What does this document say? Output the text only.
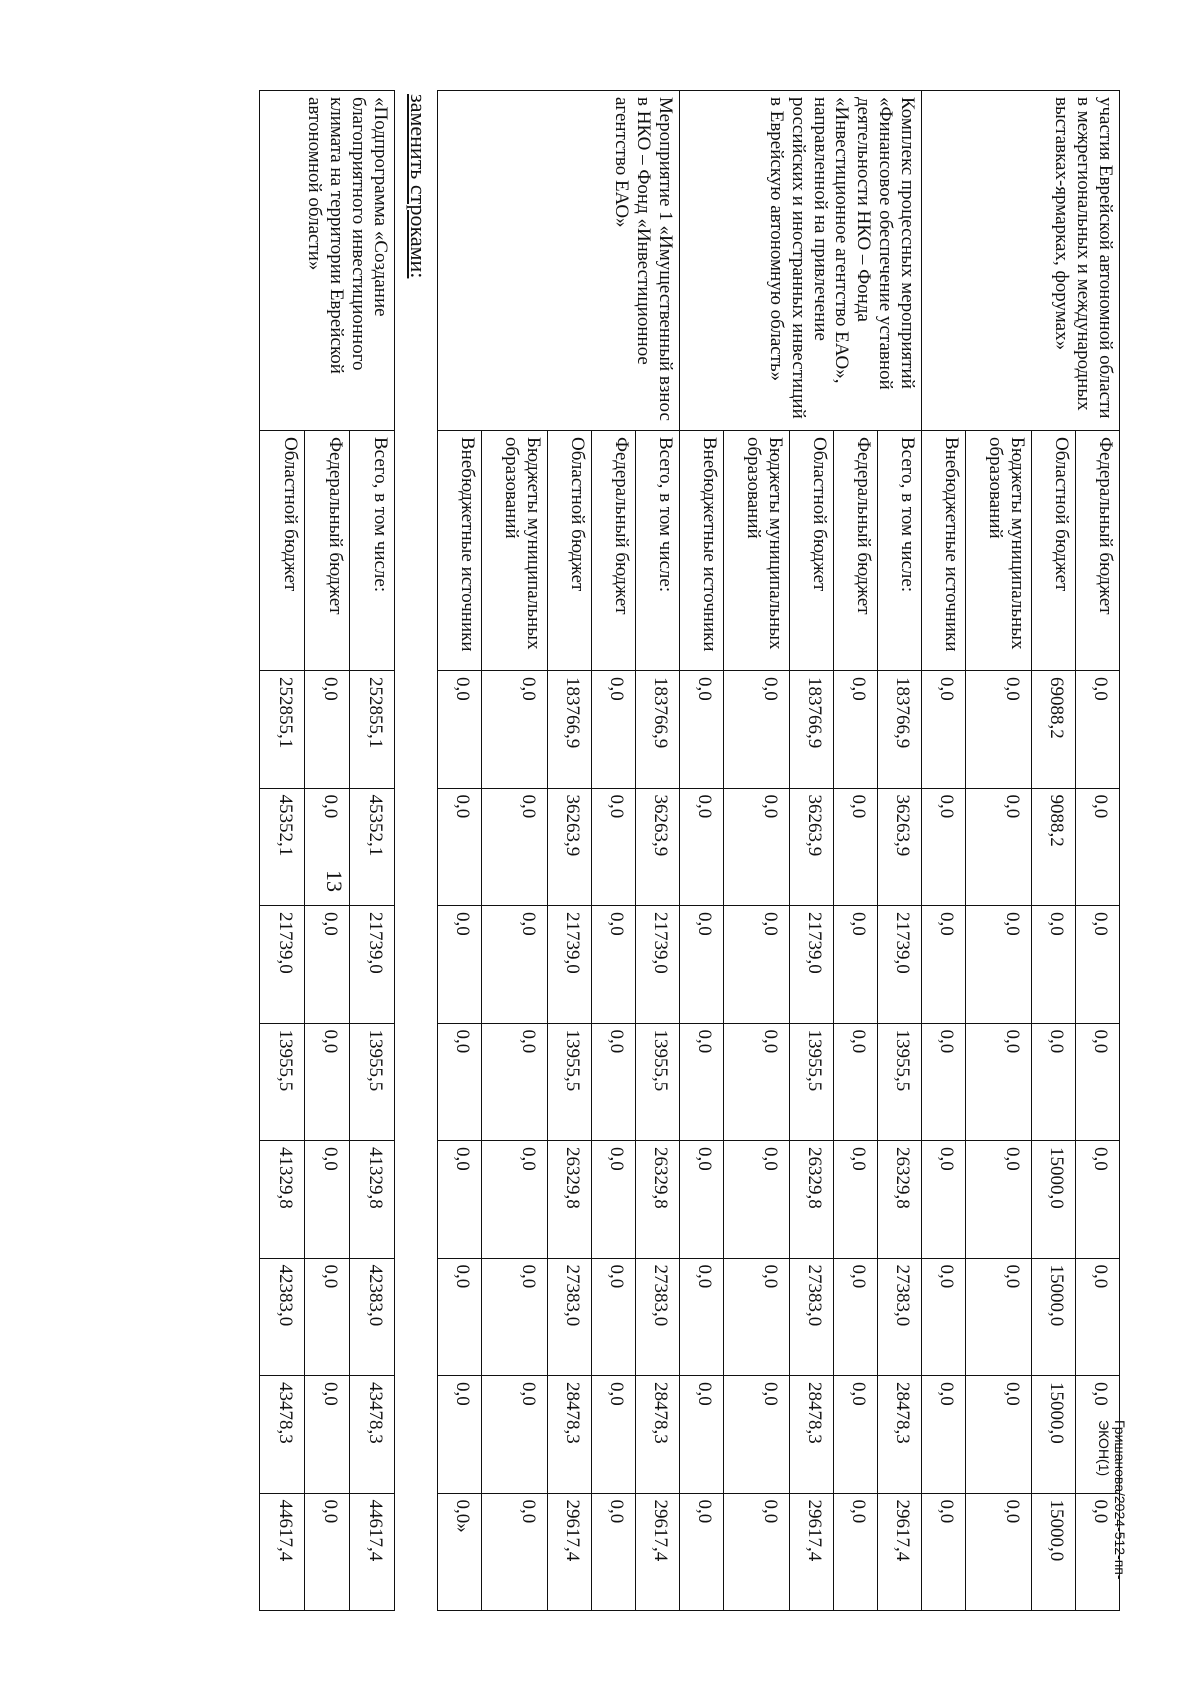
13
Гришанова/2024-512-пп-ЭКОН(1)
участия Еврейской автономной области в межрегиональных и международных выставках-ярмарках, форумах»	Федеральный бюджет	0,0	0,0	0,0	0,0	0,0	0,0	0,0	0,0
	Областной бюджет	69088,2	9088,2	0,0	0,0	15000,0	15000,0	15000,0	15000,0
	Бюджеты муниципальных образований	0,0	0,0	0,0	0,0	0,0	0,0	0,0	0,0
	Внебюджетные источники	0,0	0,0	0,0	0,0	0,0	0,0	0,0	0,0
Комплекс процессных мероприятий «Финансовое обеспечение уставной деятельности НКО – Фонда «Инвестиционное агентство ЕАО», направленной на привлечение российских и иностранных инвестиций в Еврейскую автономную область»	Всего, в том числе:	183766,9	36263,9	21739,0	13955,5	26329,8	27383,0	28478,3	29617,4
	Федеральный бюджет	0,0	0,0	0,0	0,0	0,0	0,0	0,0	0,0
	Областной бюджет	183766,9	36263,9	21739,0	13955,5	26329,8	27383,0	28478,3	29617,4
	Бюджеты муниципальных образований	0,0	0,0	0,0	0,0	0,0	0,0	0,0	0,0
	Внебюджетные источники	0,0	0,0	0,0	0,0	0,0	0,0	0,0	0,0
Мероприятие 1 «Имущественный взнос в НКО – Фонд «Инвестиционное агентство ЕАО»	Всего, в том числе:	183766,9	36263,9	21739,0	13955,5	26329,8	27383,0	28478,3	29617,4
	Федеральный бюджет	0,0	0,0	0,0	0,0	0,0	0,0	0,0	0,0
	Областной бюджет	183766,9	36263,9	21739,0	13955,5	26329,8	27383,0	28478,3	29617,4
	Бюджеты муниципальных образований	0,0	0,0	0,0	0,0	0,0	0,0	0,0	0,0
	Внебюджетные источники	0,0	0,0	0,0	0,0	0,0	0,0	0,0	0,0»
заменить строками:
«Подпрограмма «Создание благоприятного инвестиционного климата на территории Еврейской автономной области»	Всего, в том числе:	252855,1	45352,1	21739,0	13955,5	41329,8	42383,0	43478,3	44617,4
	Федеральный бюджет	0,0	0,0	0,0	0,0	0,0	0,0	0,0	0,0
	Областной бюджет	252855,1	45352,1	21739,0	13955,5	41329,8	42383,0	43478,3	44617,4
